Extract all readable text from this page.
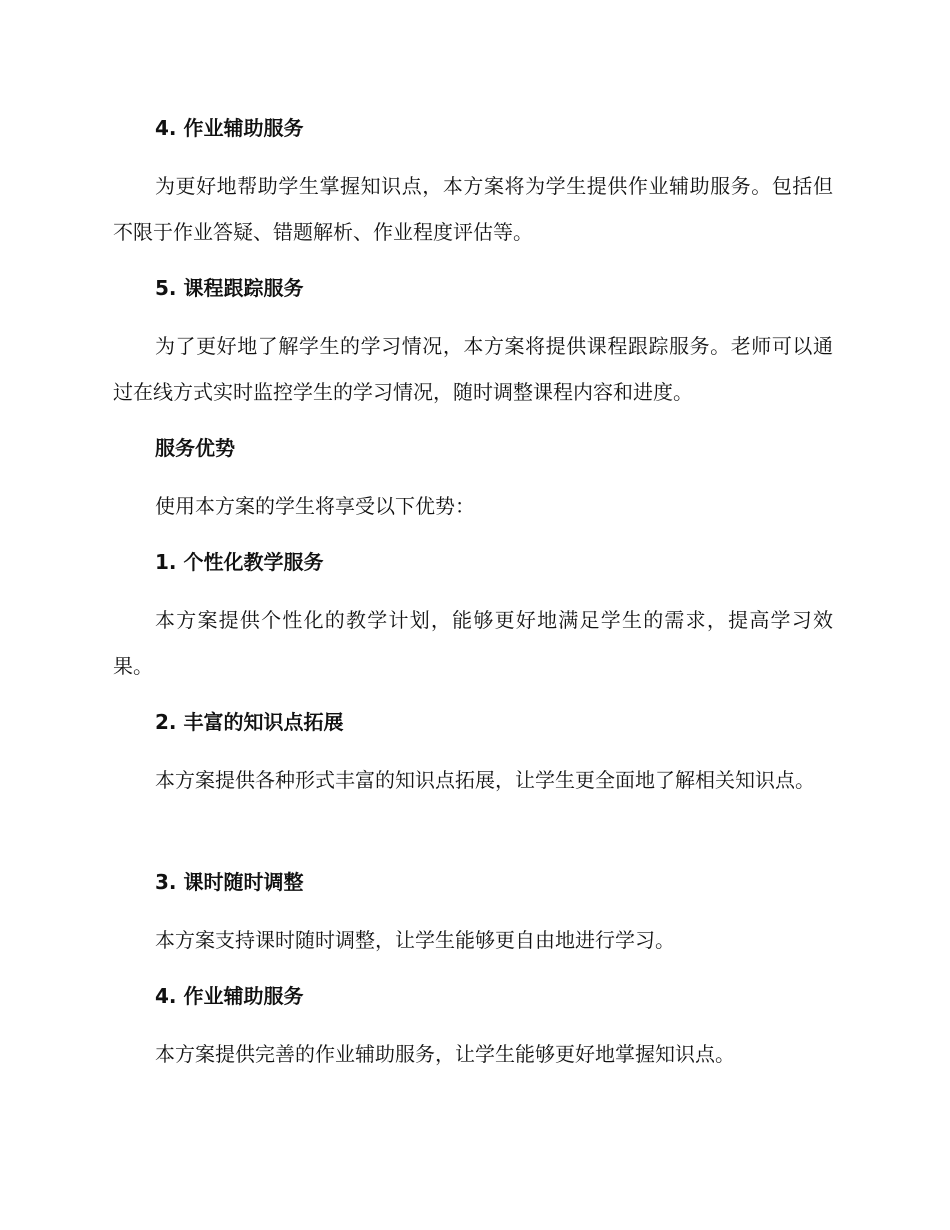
4. 作业辅助服务

为更好地帮助学生掌握知识点，本方案将为学生提供作业辅助服务。包括但不限于作业答疑、错题解析、作业程度评估等。

5. 课程跟踪服务

为了更好地了解学生的学习情况，本方案将提供课程跟踪服务。老师可以通过在线方式实时监控学生的学习情况，随时调整课程内容和进度。

服务优势

使用本方案的学生将享受以下优势：

1. 个性化教学服务

本方案提供个性化的教学计划，能够更好地满足学生的需求，提高学习效果。

2. 丰富的知识点拓展

本方案提供各种形式丰富的知识点拓展，让学生更全面地了解相关知识点。

3. 课时随时调整

本方案支持课时随时调整，让学生能够更自由地进行学习。

4. 作业辅助服务

本方案提供完善的作业辅助服务，让学生能够更好地掌握知识点。
